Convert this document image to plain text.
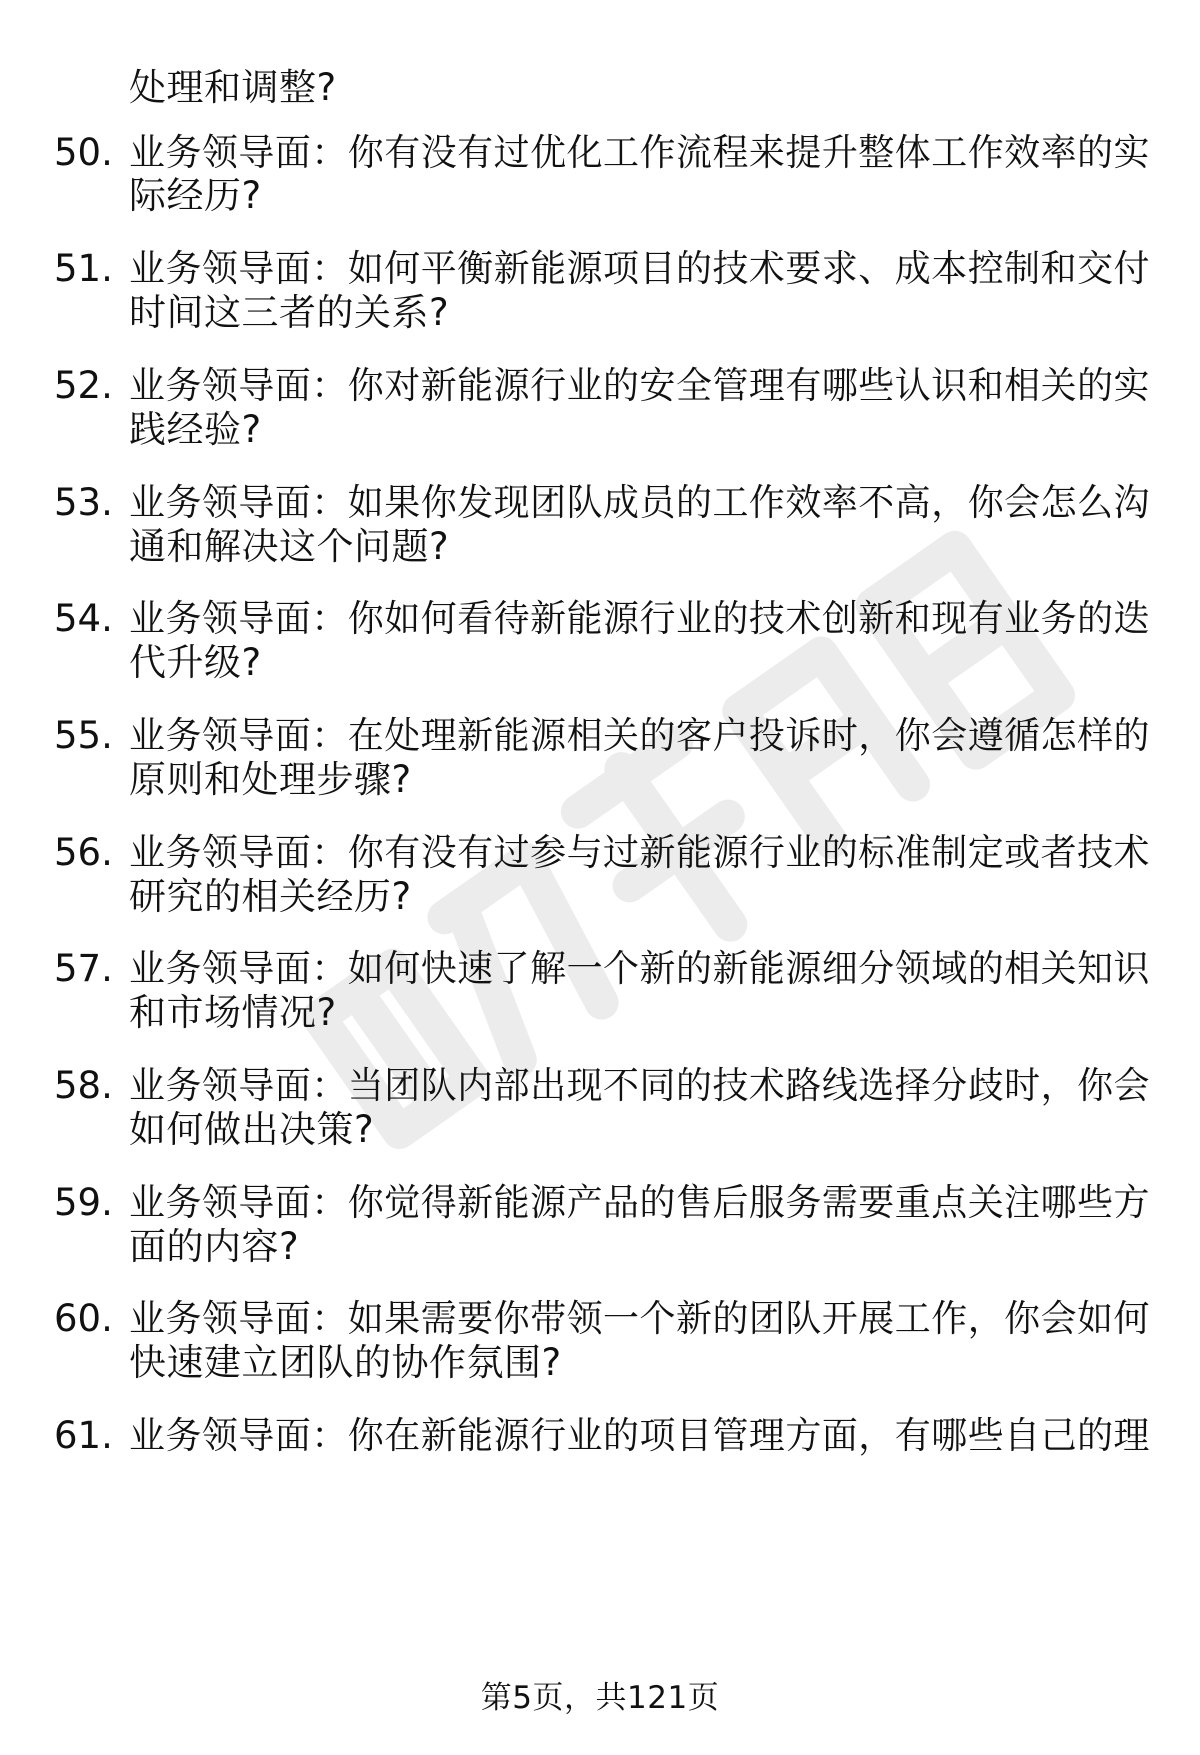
处理和调整?
50. 业务领导面：你有没有过优化工作流程来提升整体工作效率的实
际经历?
51. 业务领导面：如何平衡新能源项目的技术要求、成本控制和交付
时间这三者的关系?
52. 业务领导面：你对新能源行业的安全管理有哪些认识和相关的实
践经验?
53. 业务领导面：如果你发现团队成员的工作效率不高，你会怎么沟
通和解决这个问题?
54. 业务领导面：你如何看待新能源行业的技术创新和现有业务的迭
代升级?
55. 业务领导面：在处理新能源相关的客户投诉时，你会遵循怎样的
原则和处理步骤?
56. 业务领导面：你有没有过参与过新能源行业的标准制定或者技术
研究的相关经历?
57. 业务领导面：如何快速了解一个新的新能源细分领域的相关知识
和市场情况?
58. 业务领导面：当团队内部出现不同的技术路线选择分歧时，你会
如何做出决策?
59. 业务领导面：你觉得新能源产品的售后服务需要重点关注哪些方
面的内容?
60. 业务领导面：如果需要你带领一个新的团队开展工作，你会如何
快速建立团队的协作氛围?
61. 业务领导面：你在新能源行业的项目管理方面，有哪些自己的理
第5页，共121页
